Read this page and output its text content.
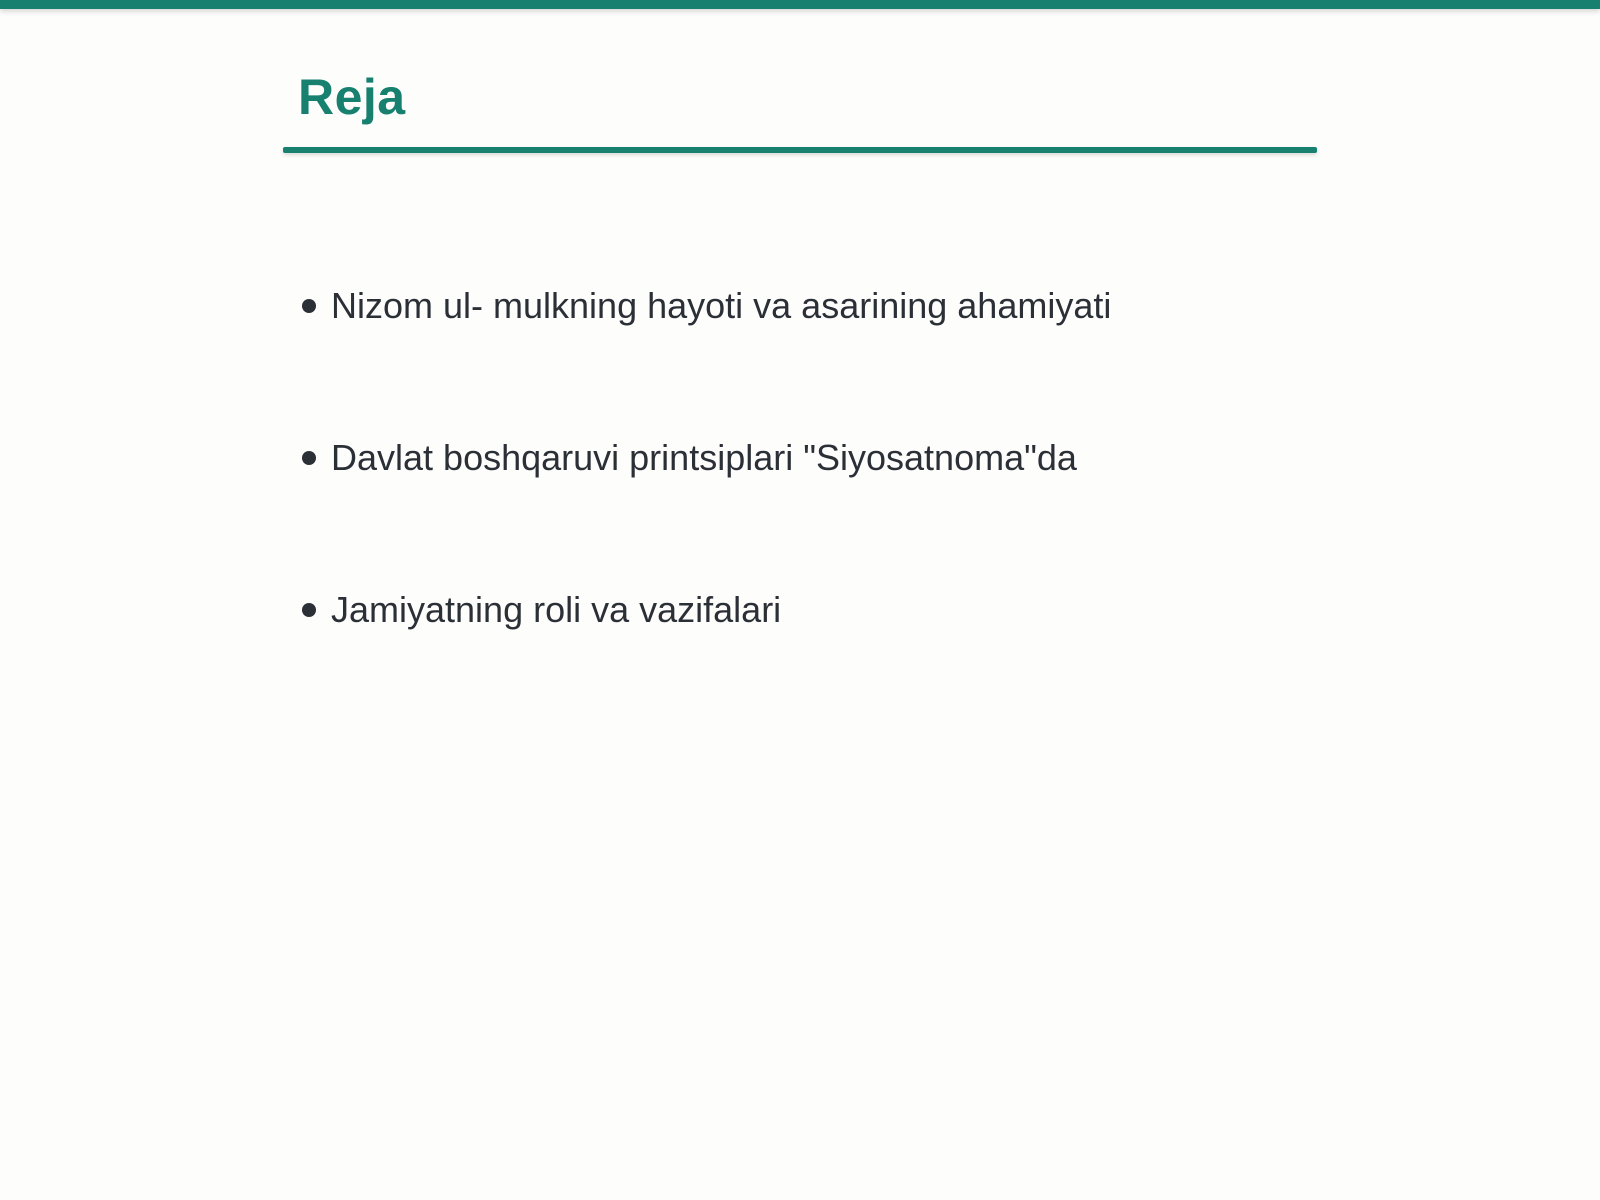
Reja
Nizom ul- mulkning hayoti va asarining ahamiyati
Davlat boshqaruvi printsiplari "Siyosatnoma"da
Jamiyatning roli va vazifalari
